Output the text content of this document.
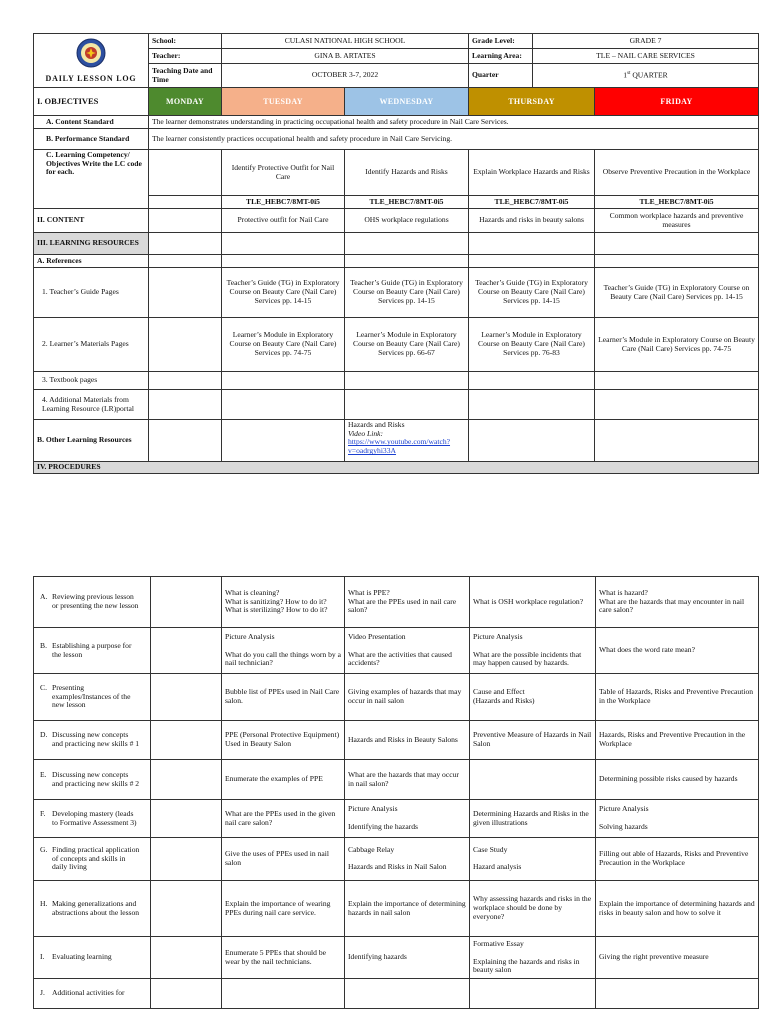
DAILY LESSON LOG	School:	CULASI NATIONAL HIGH SCHOOL		Grade Level:	GRADE 7	
	Teacher:	GINA B. ARTATES		Learning Area:	TLE – NAIL CARE SERVICES	
	Teaching Date and Time	OCTOBER 3-7, 2022		Quarter	1st QUARTER	
I. OBJECTIVES	MONDAY	TUESDAY	WEDNESDAY	THURSDAY		FRIDAY
A. Content Standard	The learner demonstrates understanding in practicing occupational health and safety procedure in Nail Care Services.					
B. Performance Standard	The learner consistently practices occupational health and safety procedure in Nail Care Servicing.					
C. Learning Competency/ Objectives Write the LC code for each.		Identify Protective Outfit for Nail Care	Identify Hazards and Risks	Explain Workplace Hazards and Risks		Observe Preventive Precaution in the Workplace
		TLE_HEBC7/8MT-0i5	TLE_HEBC7/8MT-0i5	TLE_HEBC7/8MT-0i5		TLE_HEBC7/8MT-0i5
II. CONTENT		Protective outfit for Nail Care	OHS workplace regulations	Hazards and risks in beauty salons		Common workplace hazards and preventive measures
III. LEARNING RESOURCES						
A. References						
1. Teacher’s Guide Pages		Teacher’s Guide (TG) in Exploratory Course on Beauty Care (Nail Care) Services pp. 14-15	Teacher’s Guide (TG) in Exploratory Course on Beauty Care (Nail Care) Services pp. 14-15	Teacher’s Guide (TG) in Exploratory Course on Beauty Care (Nail Care) Services pp. 14-15		Teacher’s Guide (TG) in Exploratory Course on Beauty Care (Nail Care) Services pp. 14-15
2. Learner’s Materials Pages		Learner’s Module in Exploratory Course on Beauty Care (Nail Care) Services pp. 74-75	Learner’s Module in Exploratory Course on Beauty Care (Nail Care) Services pp. 66-67	Learner’s Module in Exploratory Course on Beauty Care (Nail Care) Services pp. 76-83		Learner’s Module in Exploratory Course on Beauty Care (Nail Care) Services pp. 74-75
3. Textbook pages						
4. Additional Materials from Learning Resource (LR)portal						
B. Other Learning Resources			Hazards and Risks
Video Link:
https://www.youtube.com/watch?v=oadrgyhi33A			

IV. PROCEDURES						
A. Reviewing previous lesson or presenting the new lesson		What is cleaning?
What is sanitizing? How to do it?
What is sterilizing? How to do it?	What is PPE?
What are the PPEs used in nail care salon?	What is OSH workplace regulation?	What is hazard?
What are the hazards that may encounter in nail care salon?
B. Establishing a purpose for the lesson		Picture Analysis

What do you call the things worn by a nail technician?	Video Presentation

What are the activities that caused accidents?	Picture Analysis

What are the possible incidents that may happen caused by hazards.	What does the word rate mean?
C. Presenting examples/Instances of the new lesson		Bubble list of PPEs used in Nail Care salon.	Giving examples of hazards that may occur in nail salon	Cause and Effect
(Hazards and Risks)	Table of Hazards, Risks and Preventive Precaution in the Workplace
D. Discussing new concepts and practicing new skills # 1		PPE (Personal Protective Equipment) Used in Beauty Salon	Hazards and Risks in Beauty Salons	Preventive Measure of Hazards in Nail Salon	Hazards, Risks and Preventive Precaution in the Workplace
E. Discussing new concepts and practicing new skills # 2		Enumerate the examples of PPE	What are the hazards that may occur in nail salon?		Determining possible risks caused by hazards
F. Developing mastery (leads to Formative Assessment 3)		What are the PPEs used in the given nail care salon?	Picture Analysis

Identifying the hazards	Determining Hazards and Risks in the given illustrations	Picture Analysis

Solving hazards
G. Finding practical application of concepts and skills in daily living		Give the uses of PPEs used in nail salon	Cabbage Relay

Hazards and Risks in Nail Salon	Case Study

Hazard analysis	Filling out able of Hazards, Risks and Preventive Precaution in the Workplace
H. Making generalizations and abstractions about the lesson		Explain the importance of wearing PPEs during nail care service.	Explain the importance of determining hazards in nail salon	Why assessing hazards and risks in the workplace should be done by everyone?	Explain the importance of determining hazards and risks in beauty salon and how to solve it
I. Evaluating learning		Enumerate 5 PPEs that should be wear by the nail technicians.	Identifying hazards	Formative Essay

Explaining the hazards and risks in beauty salon	Giving the right preventive measure
J. Additional activities for					
